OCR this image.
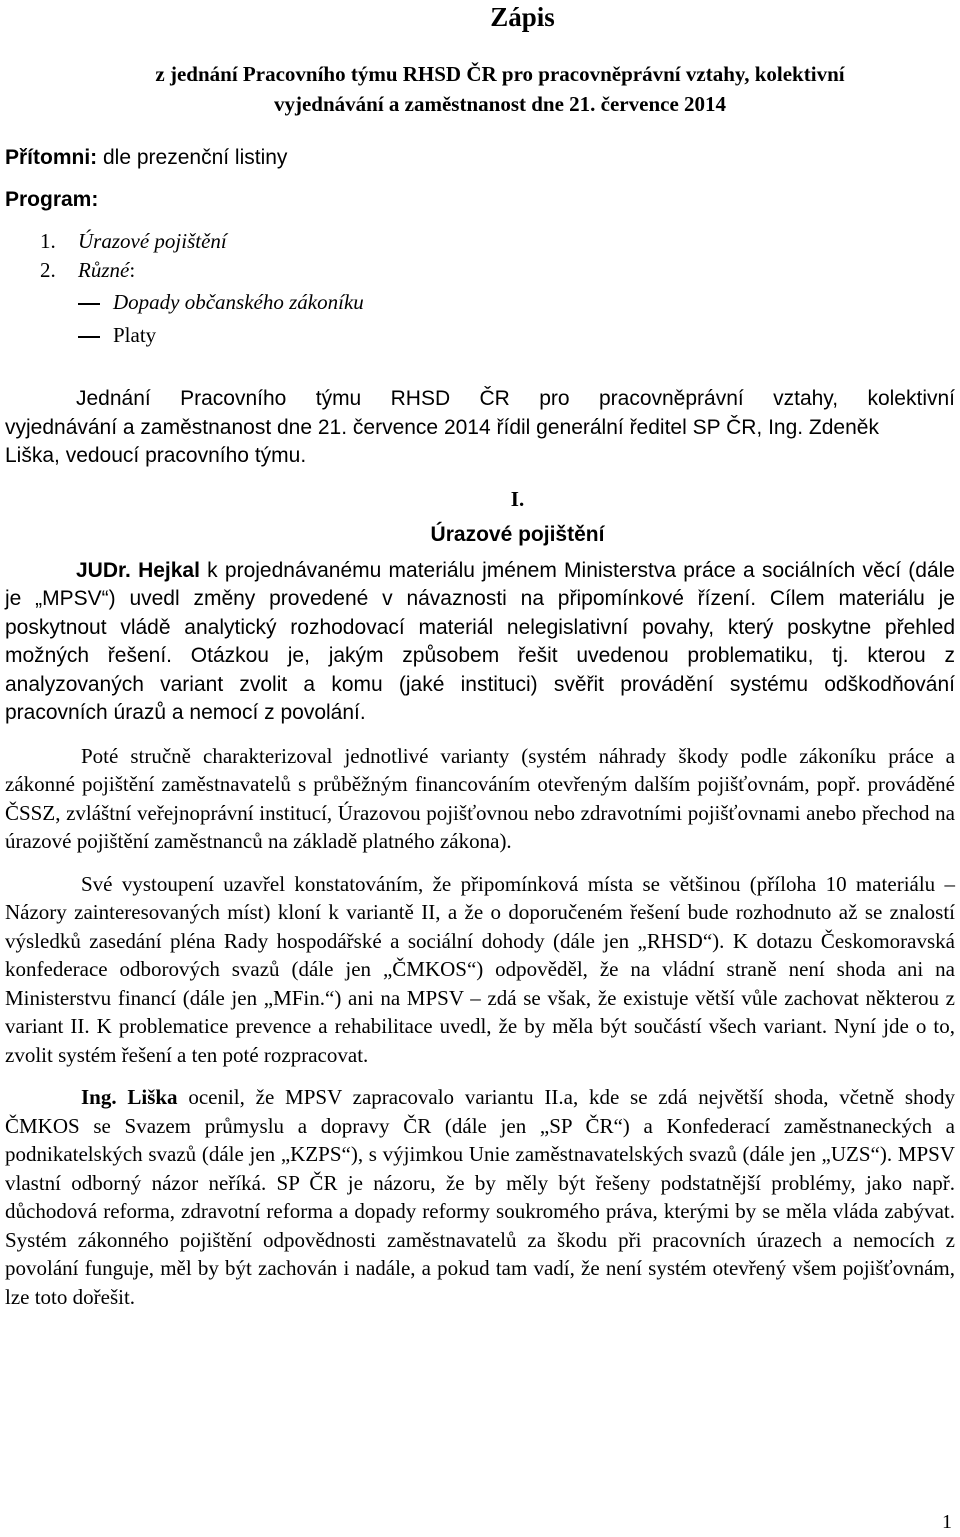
Zápis
z jednání Pracovního týmu RHSD ČR pro pracovněprávní vztahy, kolektivní
vyjednávání a zaměstnanost dne 21. července 2014
Přítomni: dle prezenční listiny
Program:
1. Úrazové pojištění
2. Různé:
Dopady občanského zákoníku
Platy
Jednání Pracovního týmu RHSD ČR pro pracovněprávní vztahy, kolektivní
vyjednávání a zaměstnanost dne 21. července 2014 řídil generální ředitel SP ČR, Ing. Zdeněk
Liška, vedoucí pracovního týmu.
I.
Úrazové pojištění

JUDr. Hejkal k projednávanému materiálu jménem Ministerstva práce a sociálních věcí (dále je „MPSV“) uvedl změny provedené v návaznosti na připomínkové řízení. Cílem materiálu je poskytnout vládě analytický rozhodovací materiál nelegislativní povahy, který poskytne přehled možných řešení. Otázkou je, jakým způsobem řešit uvedenou problematiku, tj. kterou z analyzovaných variant zvolit a komu (jaké instituci) svěřit provádění systému odškodňování pracovních úrazů a nemocí z povolání.

Poté stručně charakterizoval jednotlivé varianty (systém náhrady škody podle zákoníku práce a zákonné pojištění zaměstnavatelů s průběžným financováním otevřeným dalším pojišťovnám, popř. prováděné ČSSZ, zvláštní veřejnoprávní institucí, Úrazovou pojišťovnou nebo zdravotními pojišťovnami anebo přechod na úrazové pojištění zaměstnanců na základě platného zákona).

Své vystoupení uzavřel konstatováním, že připomínková místa se většinou (příloha 10 materiálu – Názory zainteresovaných míst) kloní k variantě II, a že o doporučeném řešení bude rozhodnuto až se znalostí výsledků zasedání pléna Rady hospodářské a sociální dohody (dále jen „RHSD“). K dotazu Českomoravská konfederace odborových svazů (dále jen „ČMKOS“) odpověděl, že na vládní straně není shoda ani na Ministerstvu financí (dále jen „MFin.“) ani na MPSV – zdá se však, že existuje větší vůle zachovat některou z variant II. K problematice prevence a rehabilitace uvedl, že by měla být součástí všech variant. Nyní jde o to, zvolit systém řešení a ten poté rozpracovat.

Ing. Liška ocenil, že MPSV zapracovalo variantu II.a, kde se zdá největší shoda, včetně shody ČMKOS se Svazem průmyslu a dopravy ČR (dále jen „SP ČR“) a Konfederací zaměstnaneckých a podnikatelských svazů (dále jen „KZPS“), s výjimkou Unie zaměstnavatelských svazů (dále jen „UZS“). MPSV vlastní odborný názor neříká. SP ČR je názoru, že by měly být řešeny podstatnější problémy, jako např. důchodová reforma, zdravotní reforma a dopady reformy soukromého práva, kterými by se měla vláda zabývat. Systém zákonného pojištění odpovědnosti zaměstnavatelů za škodu při pracovních úrazech a nemocích z povolání funguje, měl by být zachován i nadále, a pokud tam vadí, že není systém otevřený všem pojišťovnám, lze toto dořešit.

1
